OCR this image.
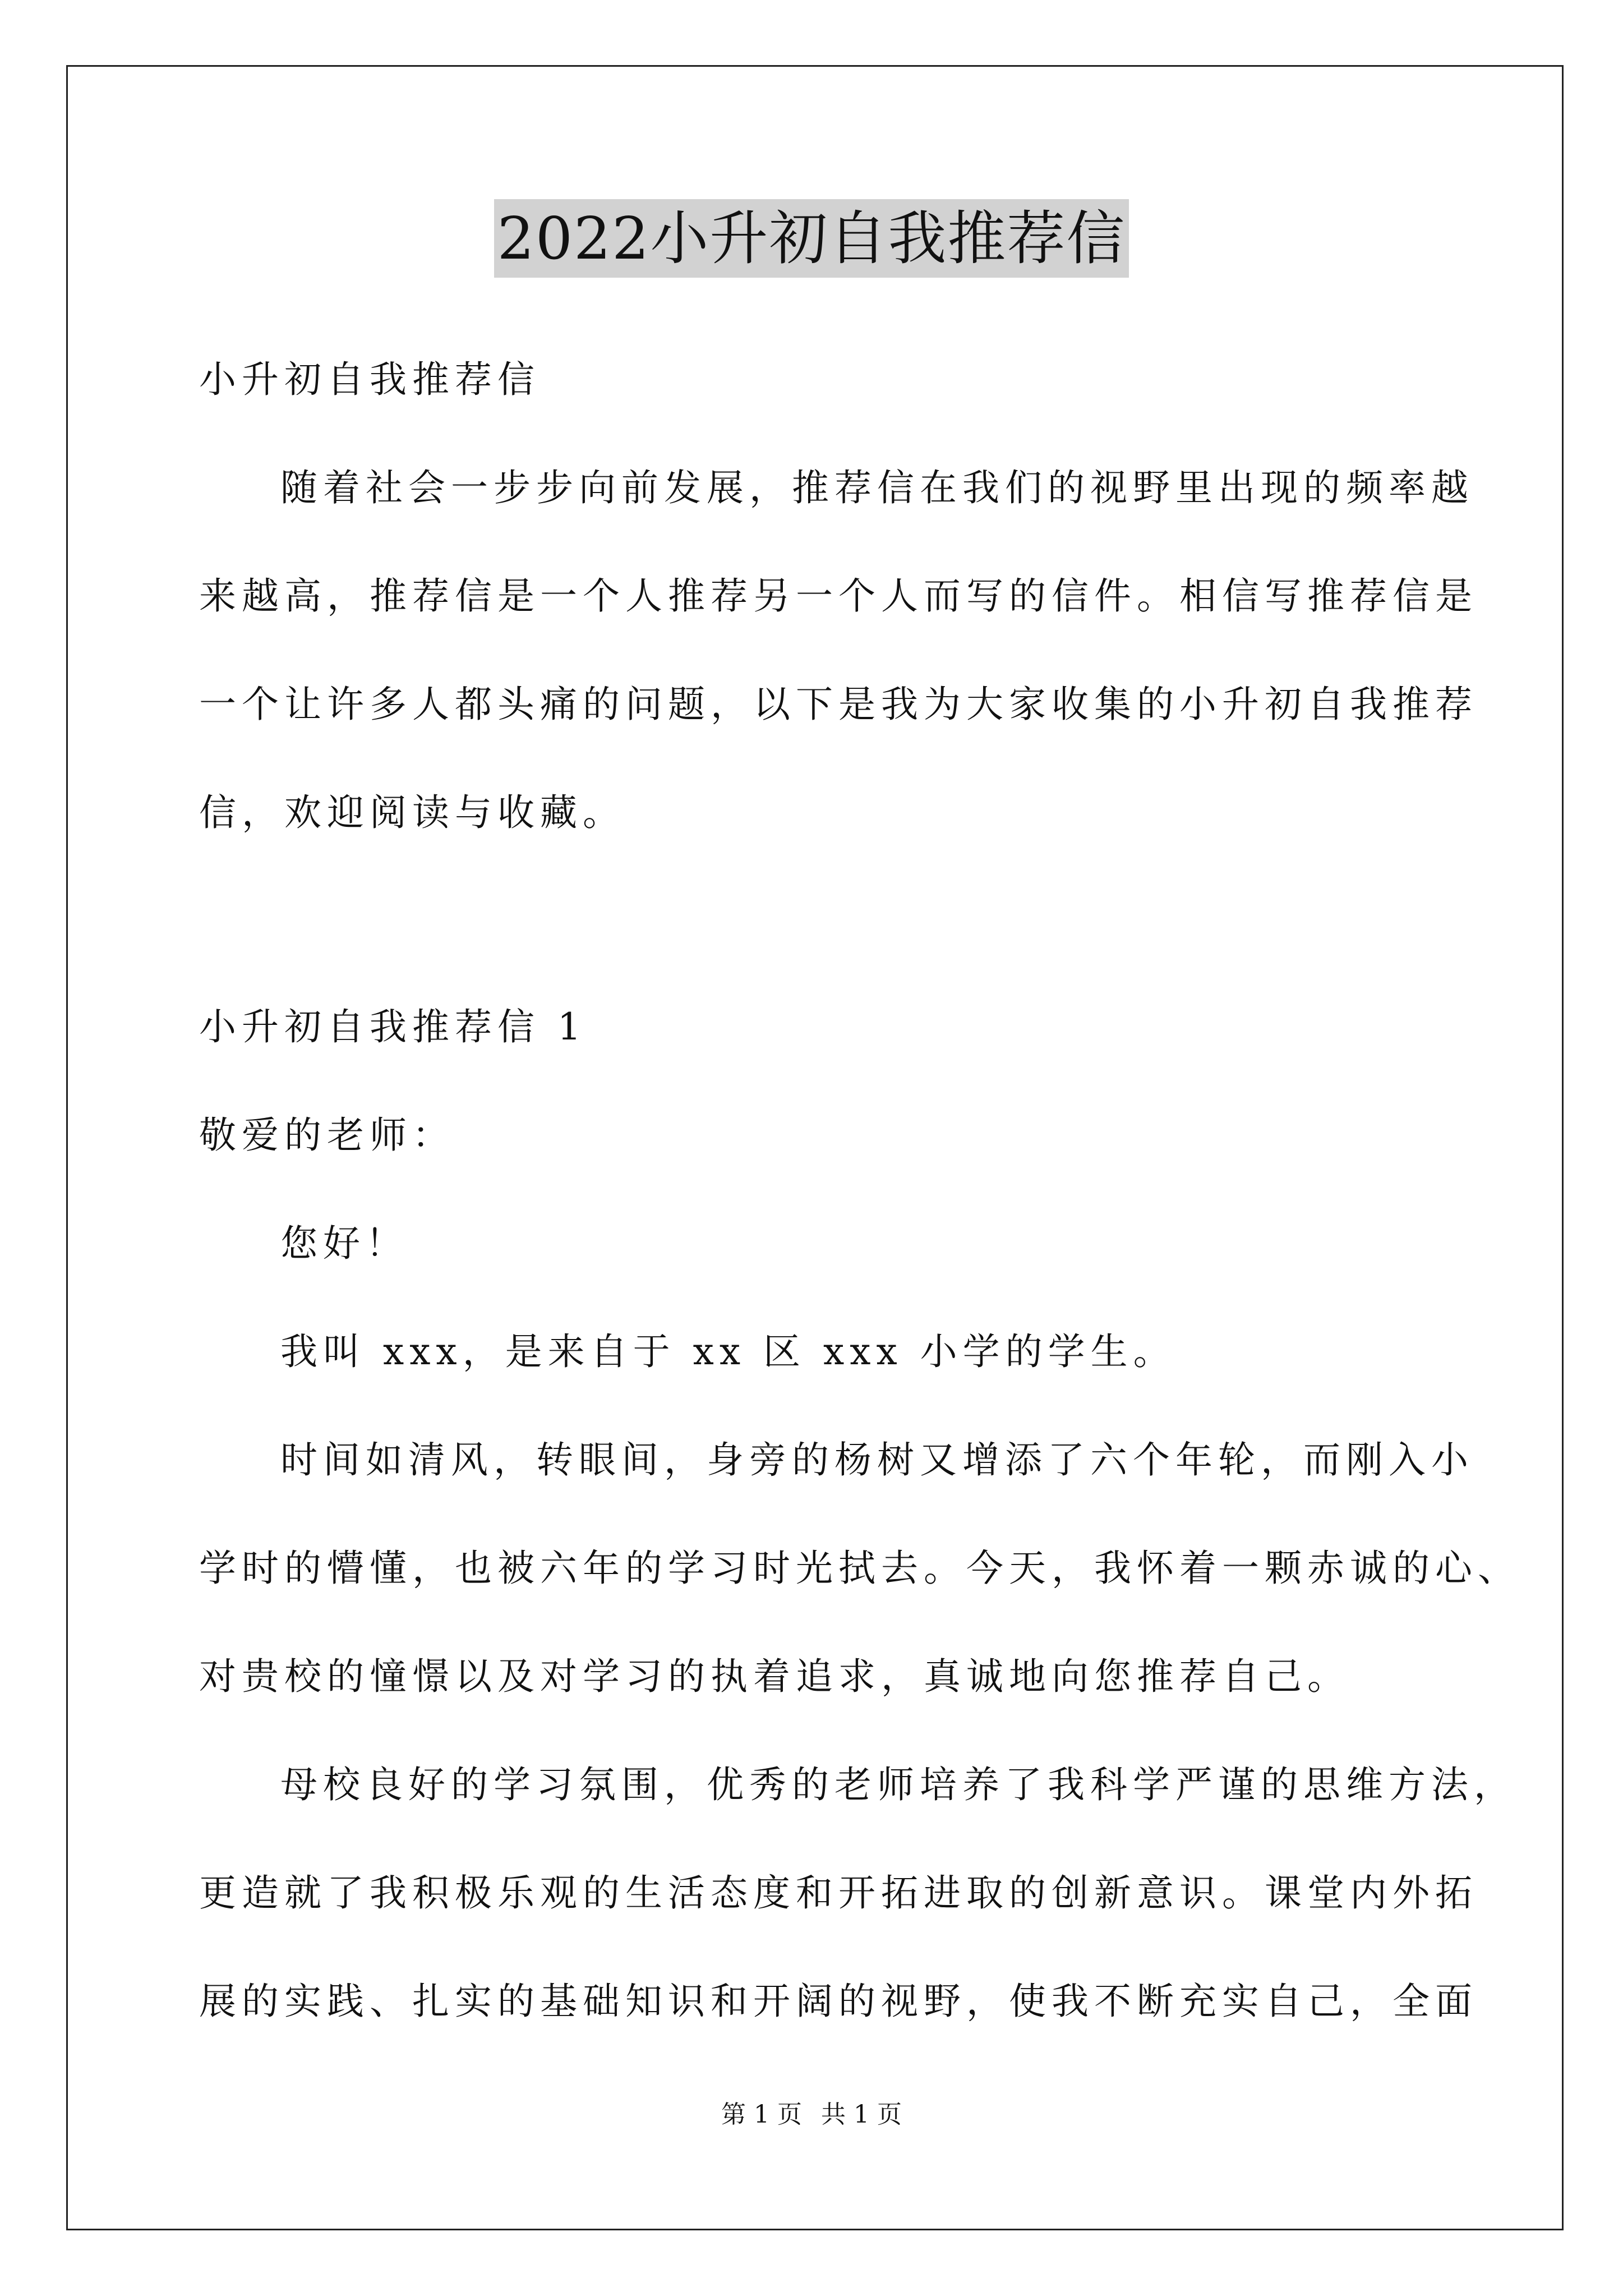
2022小升初自我推荐信
小升初自我推荐信
随着社会一步步向前发展，推荐信在我们的视野里出现的频率越
来越高，推荐信是一个人推荐另一个人而写的信件。相信写推荐信是
一个让许多人都头痛的问题，以下是我为大家收集的小升初自我推荐
信，欢迎阅读与收藏。
小升初自我推荐信 1
敬爱的老师：
您好！
我叫 xxx，是来自于 xx 区 xxx 小学的学生。
时间如清风，转眼间，身旁的杨树又增添了六个年轮，而刚入小
学时的懵懂，也被六年的学习时光拭去。今天，我怀着一颗赤诚的心、
对贵校的憧憬以及对学习的执着追求，真诚地向您推荐自己。
母校良好的学习氛围，优秀的老师培养了我科学严谨的思维方法，
更造就了我积极乐观的生活态度和开拓进取的创新意识。课堂内外拓
展的实践、扎实的基础知识和开阔的视野，使我不断充实自己，全面
第 1 页 共 1 页
